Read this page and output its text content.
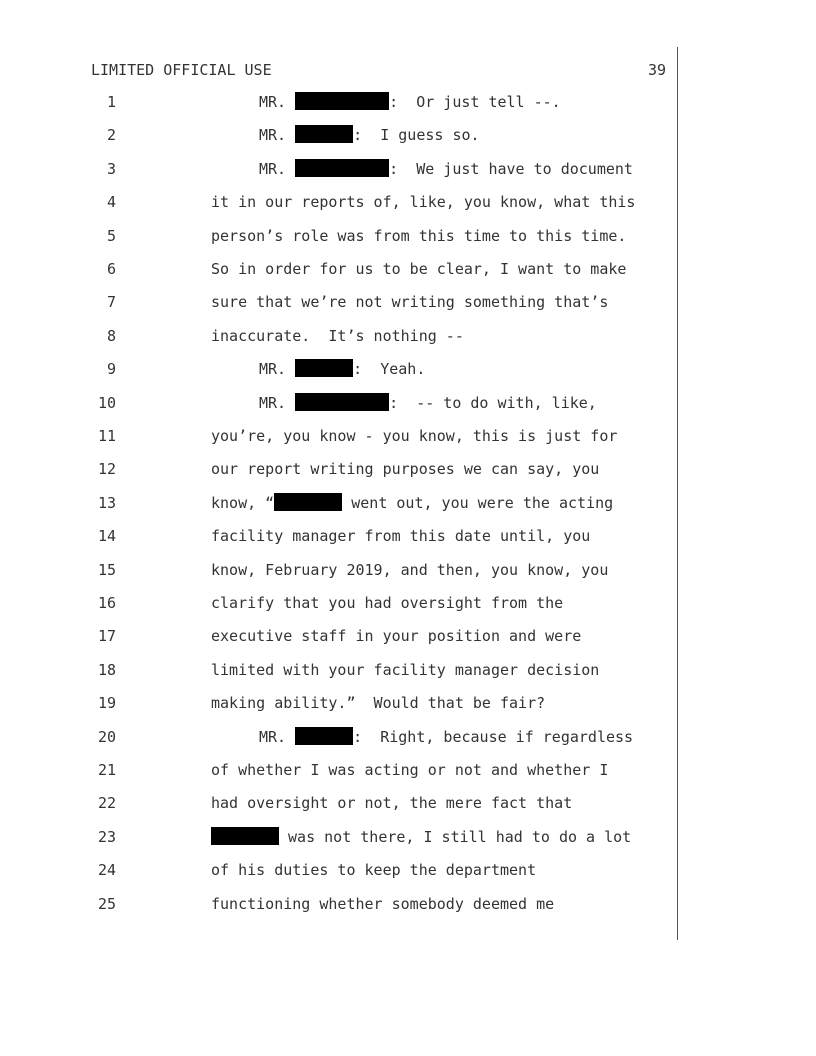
LIMITED OFFICIAL USE	39
1	MR.	:  Or just tell --.
2	MR.	:  I guess so.
3	MR.	:  We just have to document
4	it in our reports of, like, you know, what this
5	person’s role was from this time to this time.
6	So in order for us to be clear, I want to make
7	sure that we’re not writing something that’s
8	inaccurate.  It’s nothing --
9	MR.	:  Yeah.
10	MR.	:  -- to do with, like,
11	you’re, you know - you know, this is just for
12	our report writing purposes we can say, you
13	know, “	went out, you were the acting
14	facility manager from this date until, you
15	know, February 2019, and then, you know, you
16	clarify that you had oversight from the
17	executive staff in your position and were
18	limited with your facility manager decision
19	making ability.”  Would that be fair?
20	MR.	:  Right, because if regardless
21	of whether I was acting or not and whether I
22	had oversight or not, the mere fact that
23	was not there, I still had to do a lot
24	of his duties to keep the department
25	functioning whether somebody deemed me
